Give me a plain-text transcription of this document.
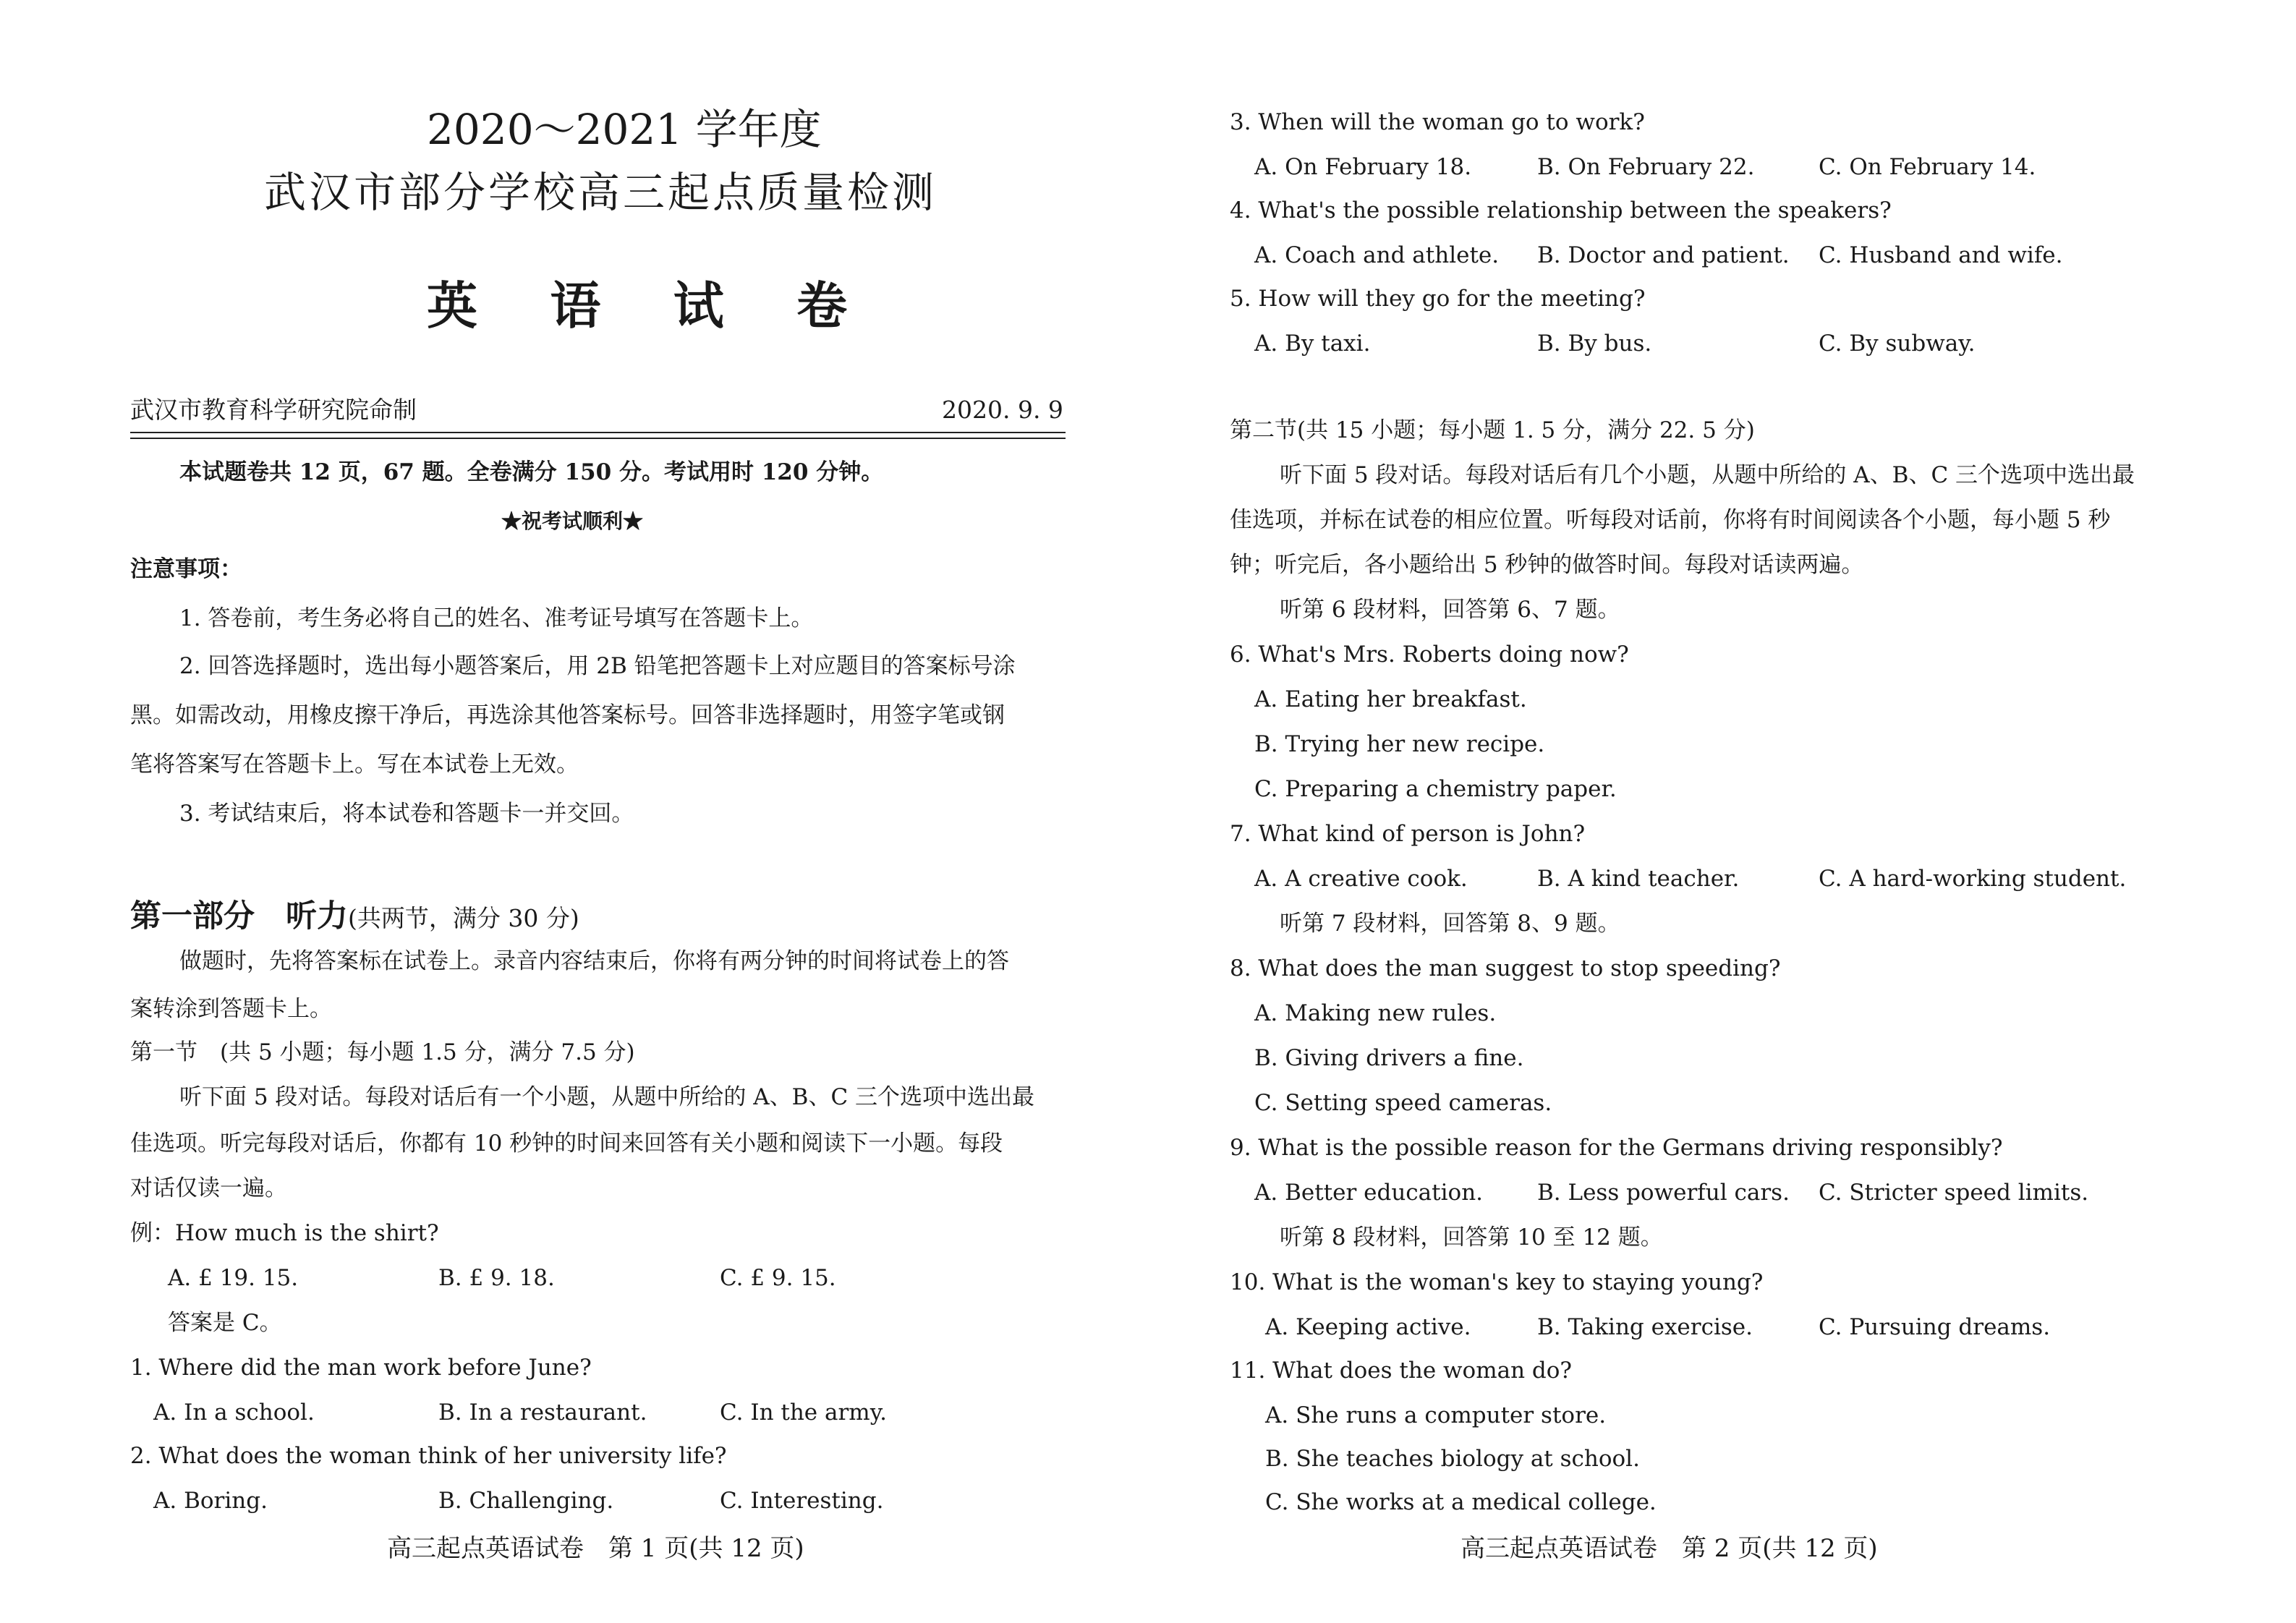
2020～2021 学年度
武汉市部分学校高三起点质量检测
英 语 试 卷
武汉市教育科学研究院命制	2020. 9. 9
本试题卷共 12 页，67 题。全卷满分 150 分。考试用时 120 分钟。
★祝考试顺利★
注意事项：
1. 答卷前，考生务必将自己的姓名、准考证号填写在答题卡上。
2. 回答选择题时，选出每小题答案后，用 2B 铅笔把答题卡上对应题目的答案标号涂
黑。如需改动，用橡皮擦干净后，再选涂其他答案标号。回答非选择题时，用签字笔或钢
笔将答案写在答题卡上。写在本试卷上无效。
3. 考试结束后，将本试卷和答题卡一并交回。
第一部分　听力(共两节，满分 30 分)
做题时，先将答案标在试卷上。录音内容结束后，你将有两分钟的时间将试卷上的答
案转涂到答题卡上。
第一节　(共 5 小题；每小题 1.5 分，满分 7.5 分)
听下面 5 段对话。每段对话后有一个小题，从题中所给的 A、B、C 三个选项中选出最
佳选项。听完每段对话后，你都有 10 秒钟的时间来回答有关小题和阅读下一小题。每段
对话仅读一遍。
例：How much is the shirt?
A. £ 19. 15.	B. £ 9. 18.	C. £ 9. 15.
答案是 C。
1. Where did the man work before June?
A. In a school.	B. In a restaurant.	C. In the army.
2. What does the woman think of her university life?
A. Boring.	B. Challenging.	C. Interesting.
高三起点英语试卷　第 1 页(共 12 页)
3. When will the woman go to work?
A. On February 18.	B. On February 22.	C. On February 14.
4. What's the possible relationship between the speakers?
A. Coach and athlete. B. Doctor and patient. C. Husband and wife.
5. How will they go for the meeting?
A. By taxi.	B. By bus.	C. By subway.
第二节(共 15 小题；每小题 1. 5 分，满分 22. 5 分)
听下面 5 段对话。每段对话后有几个小题，从题中所给的 A、B、C 三个选项中选出最
佳选项，并标在试卷的相应位置。听每段对话前，你将有时间阅读各个小题，每小题 5 秒
钟；听完后，各小题给出 5 秒钟的做答时间。每段对话读两遍。
听第 6 段材料，回答第 6、7 题。
6. What's Mrs. Roberts doing now?
A. Eating her breakfast.
B. Trying her new recipe.
C. Preparing a chemistry paper.
7. What kind of person is John?
A. A creative cook.	B. A kind teacher.	C. A hard-working student.
听第 7 段材料，回答第 8、9 题。
8. What does the man suggest to stop speeding?
A. Making new rules.
B. Giving drivers a fine.
C. Setting speed cameras.
9. What is the possible reason for the Germans driving responsibly?
A. Better education. B. Less powerful cars. C. Stricter speed limits.
听第 8 段材料，回答第 10 至 12 题。
10. What is the woman's key to staying young?
A. Keeping active.	B. Taking exercise.	C. Pursuing dreams.
11. What does the woman do?
A. She runs a computer store.
B. She teaches biology at school.
C. She works at a medical college.
高三起点英语试卷　第 2 页(共 12 页)
